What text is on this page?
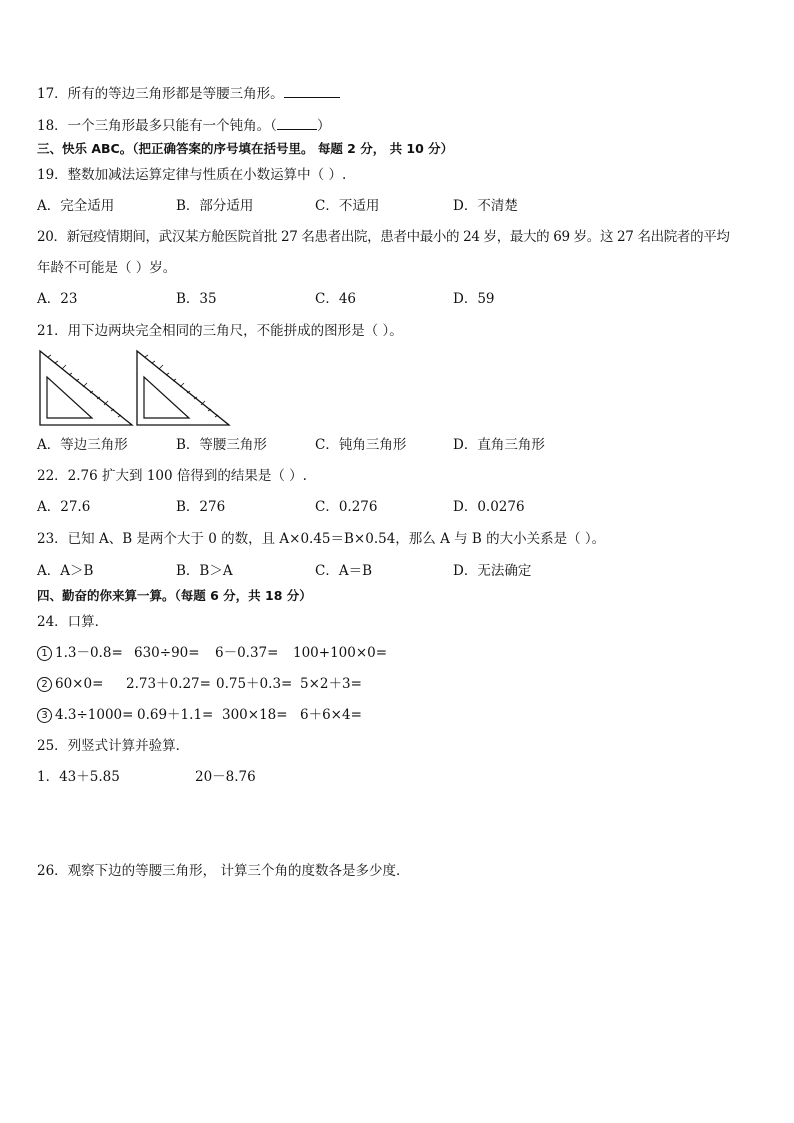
17．所有的等边三角形都是等腰三角形。
18．一个三角形最多只能有一个钝角。（	）
三、快乐 ABC。（把正确答案的序号填在括号里。 每题 2 分， 共 10 分）
19．整数加减法运算定律与性质在小数运算中（ ）.
A．完全适用	B．部分适用	C．不适用	D．不清楚
20．新冠疫情期间，武汉某方舱医院首批 27 名患者出院，患者中最小的 24 岁，最大的 69 岁。这 27 名出院者的平均
年龄不可能是（ ）岁。
A．23	B．35	C．46	D．59
21．用下边两块完全相同的三角尺，不能拼成的图形是（ ）。
A．等边三角形	B．等腰三角形	C．钝角三角形	D．直角三角形
22．2.76 扩大到 100 倍得到的结果是（ ）.
A．27.6	B．276	C．0.276	D．0.0276
23．已知 A、B 是两个大于 0 的数，且 A×0.45＝B×0.54，那么 A 与 B 的大小关系是（ ）。
A．A＞B	B．B＞A	C．A＝B	D．无法确定
四、勤奋的你来算一算。（每题 6 分，共 18 分）
24．口算．
1 1.3－0.8= 630÷90= 6－0.37= 100+100×0=
2 60×0= 2.73＋0.27= 0.75＋0.3= 5×2＋3=
3 4.3÷1000= 0.69＋1.1= 300×18= 6＋6×4=
25．列竖式计算并验算．
1．43＋5.85	20－8.76
26．观察下边的等腰三角形， 计算三个角的度数各是多少度．
